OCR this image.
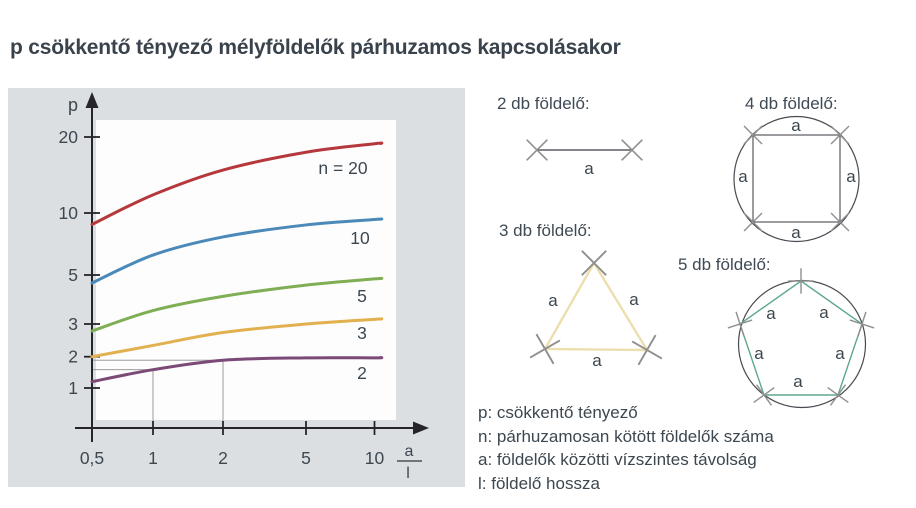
p csökkentő tényező mélyföldelők párhuzamos kapcsolásakor
1
2
3
5
10
20
0,5	1	2	5	10
p
a
l
n = 20
10
5
3
2
2 db földelő:
a
4 db földelő:
a
a	a
a
3 db földelő:
a	a
a
5 db földelő:
a	a
a	a
a
p: csökkentő tényező
n: párhuzamosan kötött földelők száma
a: földelők közötti vízszintes távolság
l: földelő hossza
